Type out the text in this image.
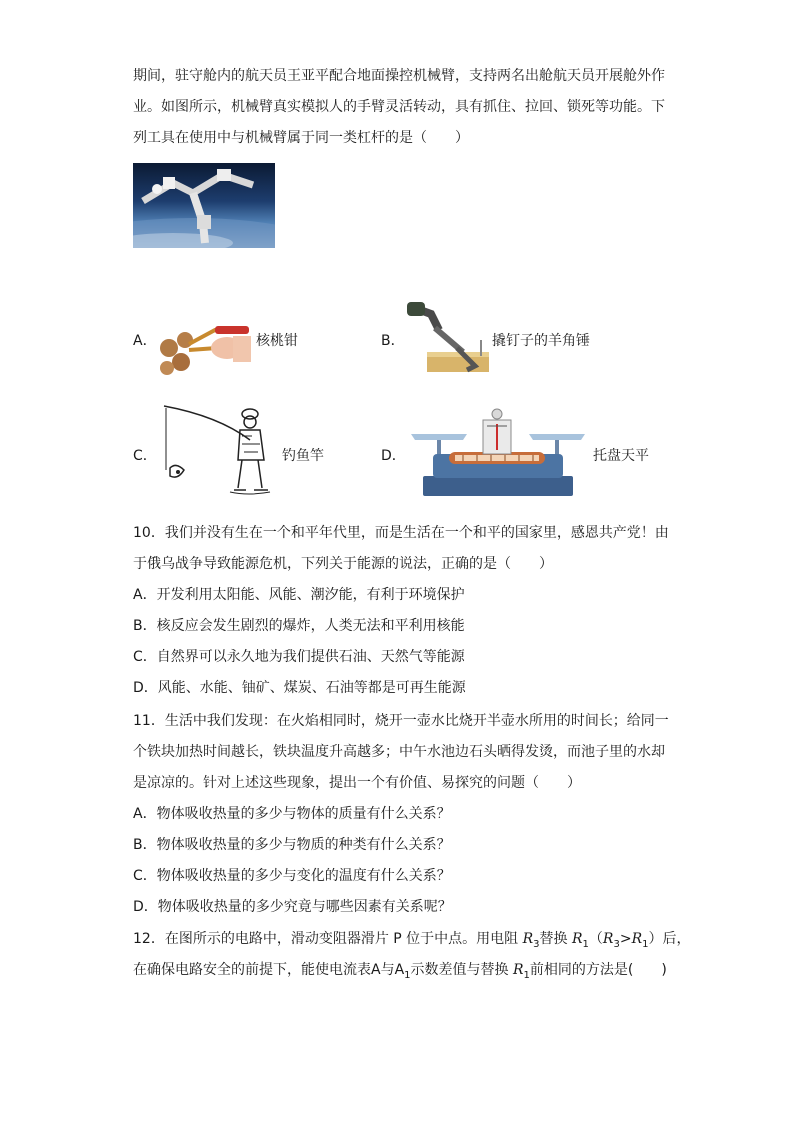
期间，驻守舱内的航天员王亚平配合地面操控机械臂，支持两名出舱航天员开展舱外作
业。如图所示，机械臂真实模拟人的手臂灵活转动，具有抓住、拉回、锁死等功能。下
列工具在使用中与机械臂属于同一类杠杆的是（　　）
A．	核桃钳	B．	撬钉子的羊角锤
C．	钓鱼竿	D．	托盘天平
10．我们并没有生在一个和平年代里，而是生活在一个和平的国家里，感恩共产党！由
于俄乌战争导致能源危机，下列关于能源的说法，正确的是（　　）
A．开发利用太阳能、风能、潮汐能，有利于环境保护
B．核反应会发生剧烈的爆炸，人类无法和平利用核能
C．自然界可以永久地为我们提供石油、天然气等能源
D．风能、水能、铀矿、煤炭、石油等都是可再生能源
11．生活中我们发现：在火焰相同时，烧开一壶水比烧开半壶水所用的时间长；给同一
个铁块加热时间越长，铁块温度升高越多；中午水池边石头晒得发烫，而池子里的水却
是凉凉的。针对上述这些现象，提出一个有价值、易探究的问题（　　）
A．物体吸收热量的多少与物体的质量有什么关系？
B．物体吸收热量的多少与物质的种类有什么关系？
C．物体吸收热量的多少与变化的温度有什么关系？
D．物体吸收热量的多少究竟与哪些因素有关系呢？
12．在图所示的电路中，滑动变阻器滑片 P 位于中点。用电阻 $R_3$替换 $R_1(R_3>R_1)$后，
在确保电路安全的前提下，能使电流表A与$A_1$示数差值与替换 $R_1$前相同的方法是(　　)
